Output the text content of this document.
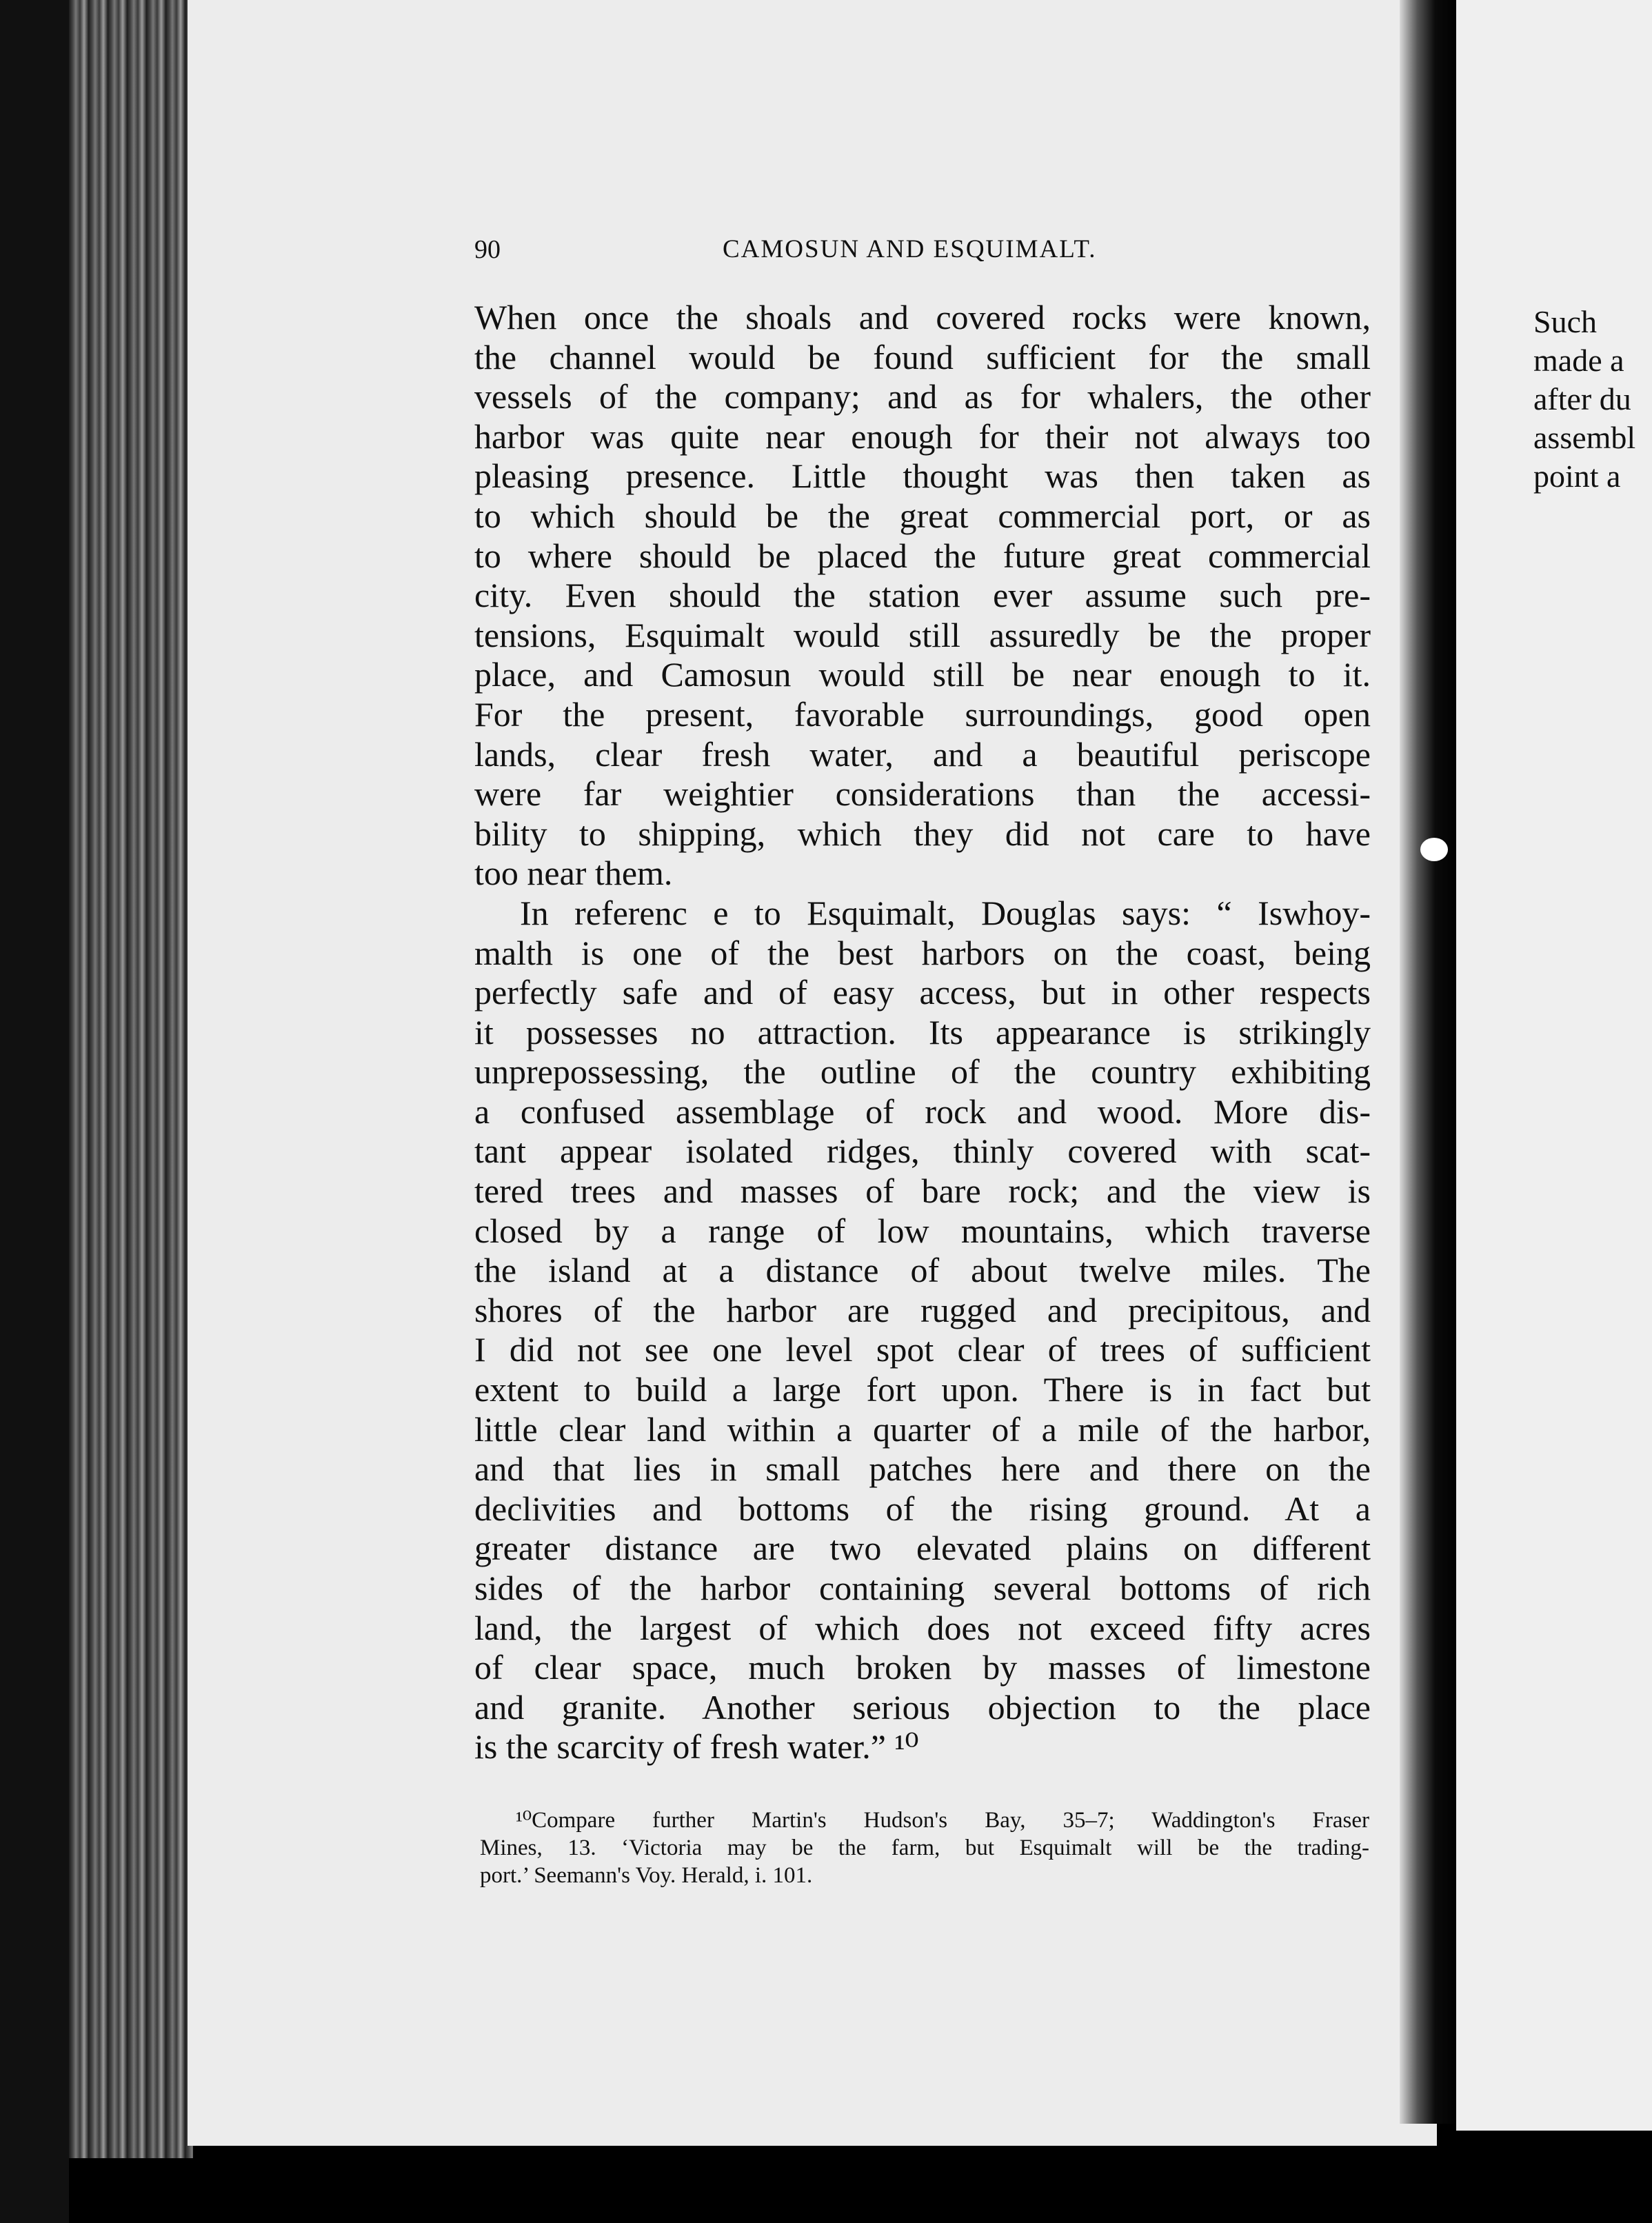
90	CAMOSUN AND ESQUIMALT.
When once the shoals and covered rocks were known,
the channel would be found sufficient for the small
vessels of the company; and as for whalers, the other
harbor was quite near enough for their not always too
pleasing presence. Little thought was then taken as
to which should be the great commercial port, or as
to where should be placed the future great commercial
city. Even should the station ever assume such pre-
tensions, Esquimalt would still assuredly be the proper
place, and Camosun would still be near enough to it.
For the present, favorable surroundings, good open
lands, clear fresh water, and a beautiful periscope
were far weightier considerations than the accessi-
bility to shipping, which they did not care to have
too near them.
In referenc e to Esquimalt, Douglas says: “ Iswhoy-
malth is one of the best harbors on the coast, being
perfectly safe and of easy access, but in other respects
it possesses no attraction. Its appearance is strikingly
unprepossessing, the outline of the country exhibiting
a confused assemblage of rock and wood. More dis-
tant appear isolated ridges, thinly covered with scat-
tered trees and masses of bare rock; and the view is
closed by a range of low mountains, which traverse
the island at a distance of about twelve miles. The
shores of the harbor are rugged and precipitous, and
I did not see one level spot clear of trees of sufficient
extent to build a large fort upon. There is in fact but
little clear land within a quarter of a mile of the harbor,
and that lies in small patches here and there on the
declivities and bottoms of the rising ground. At a
greater distance are two elevated plains on different
sides of the harbor containing several bottoms of rich
land, the largest of which does not exceed fifty acres
of clear space, much broken by masses of limestone
and granite. Another serious objection to the place
is the scarcity of fresh water.” ¹⁰
¹⁰Compare further Martin's Hudson's Bay, 35–7; Waddington's Fraser
Mines, 13. ‘Victoria may be the farm, but Esquimalt will be the trading-
port.’ Seemann's Voy. Herald, i. 101.
Such
made a
after du
assembl
point a
